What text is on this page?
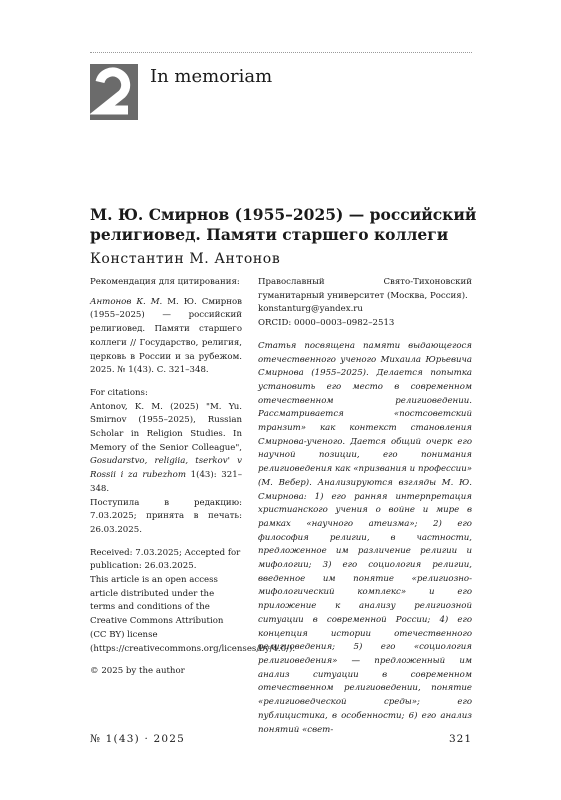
In memoriam
М. Ю. Смирнов (1955–2025) — российский религиовед. Памяти старшего коллеги
Константин М. Антонов

Рекомендация для цитирования:

Антонов К. М. М. Ю. Смирнов (1955–2025) — российский религиовед. Памяти старшего коллеги // Государство, религия, церковь в России и за рубежом. 2025. № 1(43). С. 321–348.

For citations:

Antonov, K. M. (2025) "M. Yu. Smirnov (1955–2025), Russian Scholar in Religion Studies. In Memory of the Senior Colleague", Gosudarstvo, religiia, tserkov' v Rossii i za rubezhom 1(43): 321–348.

Поступила в редакцию: 7.03.2025; принята в печать: 26.03.2025.

Received: 7.03.2025; Accepted for publication: 26.03.2025.

This article is an open access article distributed under the terms and conditions of the Creative Commons Attribution (CC BY) license (https://creativecommons.org/licenses/by/4.0/).

© 2025 by the author

Православный Свято-Тихоновский гуманитарный университет (Москва, Россия).

konstanturg@yandex.ru

ORCID: 0000–0003–0982–2513

Статья посвящена памяти выдающегося отечественного ученого Михаила Юрьевича Смирнова (1955–2025). Делается попытка установить его место в современном отечественном религиоведении. Рассматривается «постсоветский транзит» как контекст становления Смирнова-ученого. Дается общий очерк его научной позиции, его понимания религиоведения как «призвания и профессии» (М. Вебер). Анализируются взгляды М. Ю. Смирнова: 1) его ранняя интерпретация христианского учения о войне и мире в рамках «научного атеизма»; 2) его философия религии, в частности, предложенное им различение религии и мифологии; 3) его социология религии, введенное им понятие «религиозно-мифологический комплекс» и его приложение к анализу религиозной ситуации в современной России; 4) его концепция истории отечественного религиоведения; 5) его «социология религиоведения» — предложенный им анализ ситуации в современном отечественном религиоведении, понятие «религиоведческой среды»; его публицистика, в особенности; 6) его анализ понятий «свет-

№ 1(43) · 2025	321
